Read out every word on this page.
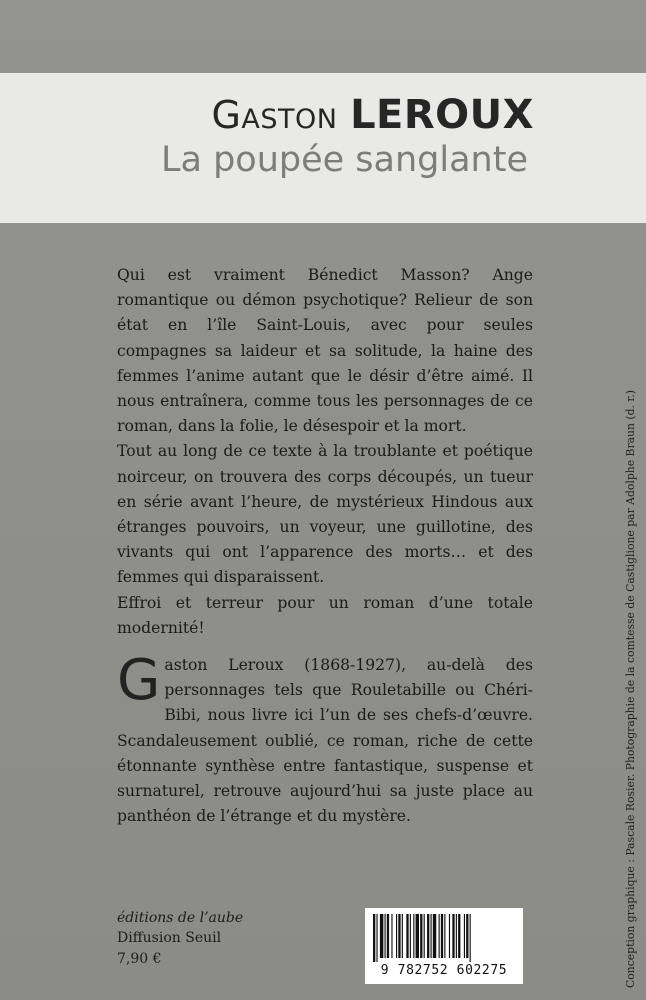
Gaston LEROUX
La poupée sanglante

Qui est vraiment Bénedict Masson? Ange romantique ou démon psychotique? Relieur de son état en l’île Saint-Louis, avec pour seules compagnes sa laideur et sa solitude, la haine des femmes l’anime autant que le désir d’être aimé. Il nous entraînera, comme tous les personnages de ce roman, dans la folie, le désespoir et la mort.

Tout au long de ce texte à la troublante et poétique noirceur, on trouvera des corps découpés, un tueur en série avant l’heure, de mystérieux Hindous aux étranges pouvoirs, un voyeur, une guillotine, des vivants qui ont l’apparence des morts… et des femmes qui disparaissent.

Effroi et terreur pour un roman d’une totale modernité!

Gaston Leroux (1868-1927), au-delà des personnages tels que Rouletabille ou Chéri-Bibi, nous livre ici l’un de ses chefs-d’œuvre. Scandaleusement oublié, ce roman, riche de cette étonnante synthèse entre fantastique, suspense et surnaturel, retrouve aujourd’hui sa juste place au panthéon de l’étrange et du mystère.
éditions de l’aube
Diffusion Seuil
7,90 €
9 782752 602275	Conception graphique : Pascale Rosier. Photographie de la comtesse de Castiglione par Adolphe Braun (d. r.)
